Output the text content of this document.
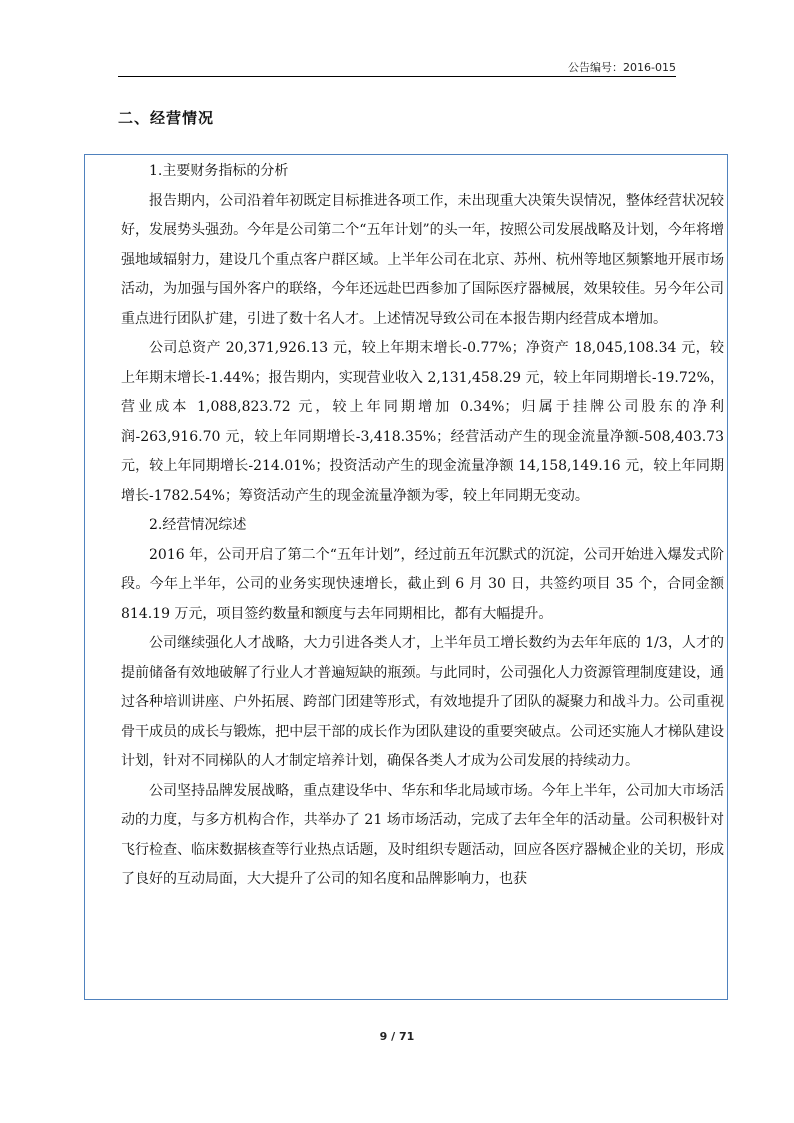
公告编号：2016-015
二、经营情况

1.主要财务指标的分析

报告期内，公司沿着年初既定目标推进各项工作，未出现重大决策失误情况，整体经营状况较好，发展势头强劲。今年是公司第二个“五年计划”的头一年，按照公司发展战略及计划，今年将增强地域辐射力，建设几个重点客户群区域。上半年公司在北京、苏州、杭州等地区频繁地开展市场活动，为加强与国外客户的联络，今年还远赴巴西参加了国际医疗器械展，效果较佳。另今年公司重点进行团队扩建，引进了数十名人才。上述情况导致公司在本报告期内经营成本增加。

公司总资产 20,371,926.13 元，较上年期末增长-0.77%；净资产 18,045,108.34 元，较上年期末增长-1.44%；报告期内，实现营业收入 2,131,458.29 元，较上年同期增长-19.72%，营业成本 1,088,823.72 元，较上年同期增加 0.34%；归属于挂牌公司股东的净利润-263,916.70 元，较上年同期增长-3,418.35%；经营活动产生的现金流量净额-508,403.73 元，较上年同期增长-214.01%；投资活动产生的现金流量净额 14,158,149.16 元，较上年同期增长-1782.54%；筹资活动产生的现金流量净额为零，较上年同期无变动。

2.经营情况综述

2016 年，公司开启了第二个“五年计划”，经过前五年沉默式的沉淀，公司开始进入爆发式阶段。今年上半年，公司的业务实现快速增长，截止到 6 月 30 日，共签约项目 35 个，合同金额 814.19 万元，项目签约数量和额度与去年同期相比，都有大幅提升。

公司继续强化人才战略，大力引进各类人才，上半年员工增长数约为去年年底的 1/3，人才的提前储备有效地破解了行业人才普遍短缺的瓶颈。与此同时，公司强化人力资源管理制度建设，通过各种培训讲座、户外拓展、跨部门团建等形式，有效地提升了团队的凝聚力和战斗力。公司重视骨干成员的成长与锻炼，把中层干部的成长作为团队建设的重要突破点。公司还实施人才梯队建设计划，针对不同梯队的人才制定培养计划，确保各类人才成为公司发展的持续动力。

公司坚持品牌发展战略，重点建设华中、华东和华北局域市场。今年上半年，公司加大市场活动的力度，与多方机构合作，共举办了 21 场市场活动，完成了去年全年的活动量。公司积极针对飞行检查、临床数据核查等行业热点话题，及时组织专题活动，回应各医疗器械企业的关切，形成了良好的互动局面，大大提升了公司的知名度和品牌影响力，也获

9 / 71
